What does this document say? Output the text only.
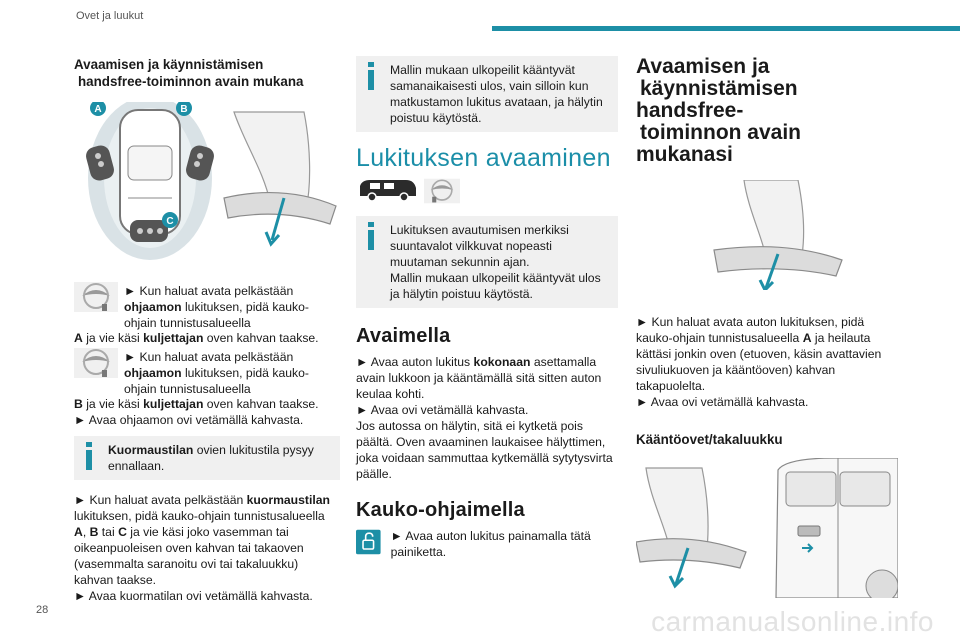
Ovet ja luukut
Avaamisen ja käynnistämisen
handsfree-toiminnon avain mukana
A	B
C

► Kun haluat avata pelkästään ohjaamon lukituksen, pidä kauko-ohjain tunnistusalueella

A ja vie käsi kuljettajan oven kahvan taakse.

► Kun haluat avata pelkästään ohjaamon lukituksen, pidä kauko-ohjain tunnistusalueella

B ja vie käsi kuljettajan oven kahvan taakse.

► Avaa ohjaamon ovi vetämällä kahvasta.

Kuormaustilan ovien lukitustila pysyy ennallaan.

► Kun haluat avata pelkästään kuormaustilan lukituksen, pidä kauko-ohjain tunnistusalueella A, B tai C ja vie käsi joko vasemman tai oikeanpuoleisen oven kahvan tai takaoven (vasemmalta saranoitu ovi tai takaluukku) kahvan taakse.

► Avaa kuormatilan ovi vetämällä kahvasta.

Mallin mukaan ulkopeilit kääntyvät samanaikaisesti ulos, vain silloin kun matkustamon lukitus avataan, ja hälytin poistuu käytöstä.

Lukituksen avaaminen

Lukituksen avautumisen merkiksi suuntavalot vilkkuvat nopeasti muutaman sekunnin ajan.

Mallin mukaan ulkopeilit kääntyvät ulos ja hälytin poistuu käytöstä.

Avaimella

► Avaa auton lukitus kokonaan asettamalla avain lukkoon ja kääntämällä sitä sitten auton keulaa kohti.

► Avaa ovi vetämällä kahvasta.

Jos autossa on hälytin, sitä ei kytketä pois päältä. Oven avaaminen laukaisee hälyttimen, joka voidaan sammuttaa kytkemällä sytytysvirta päälle.

Kauko-ohjaimella

► Avaa auton lukitus painamalla tätä painiketta.

Avaamisen ja
käynnistämisen handsfree-
toiminnon avain mukanasi

► Kun haluat avata auton lukituksen, pidä kauko-ohjain tunnistusalueella A ja heilauta kättäsi jonkin oven (etuoven, käsin avattavien sivuliukuoven ja kääntöoven) kahvan takapuolelta.

► Avaa ovi vetämällä kahvasta.

Kääntöovet/takaluukku
28	carmanualsonline.info
